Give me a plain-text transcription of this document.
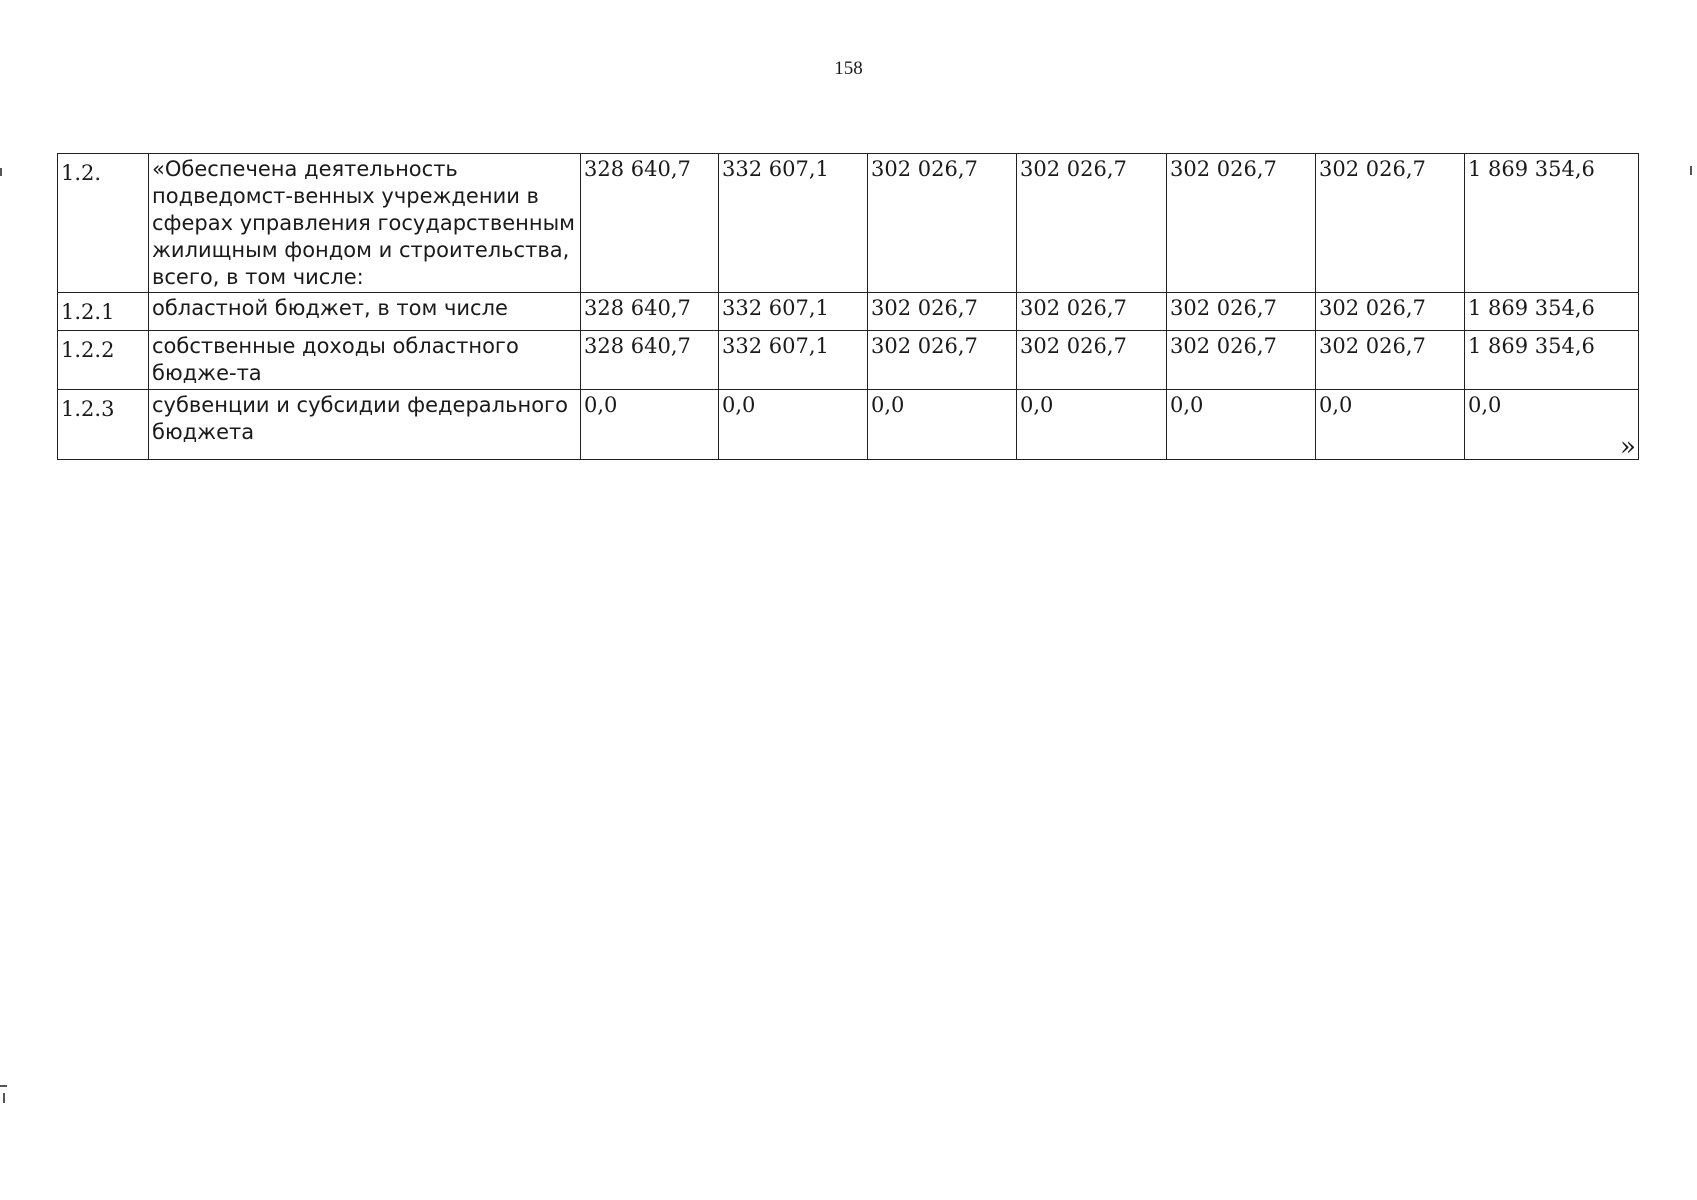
158
1.2.	«Обеспечена деятельность подведомст-венных учреждении в сферах управления государственным жилищным фондом и строительства, всего, в том числе:	328 640,7	332 607,1	302 026,7	302 026,7	302 026,7	302 026,7	1 869 354,6
1.2.1	областной бюджет, в том числе	328 640,7	332 607,1	302 026,7	302 026,7	302 026,7	302 026,7	1 869 354,6
1.2.2	собственные доходы областного бюдже-та	328 640,7	332 607,1	302 026,7	302 026,7	302 026,7	302 026,7	1 869 354,6
1.2.3	субвенции и субсидии федерального бюджета	0,0	0,0	0,0	0,0	0,0	0,0	0,0
»
